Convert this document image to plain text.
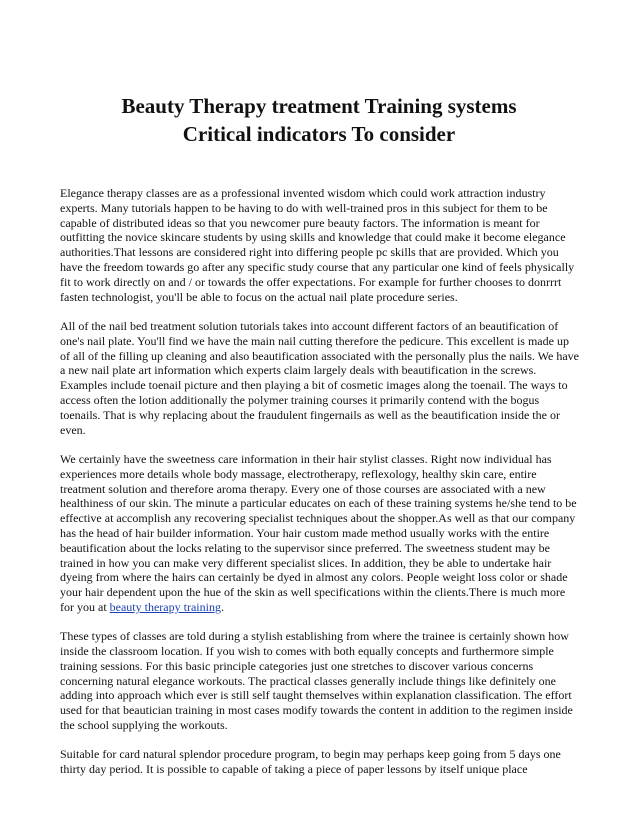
Beauty Therapy treatment Training systems
Critical indicators To consider

Elegance therapy classes are as a professional invented wisdom which could work attraction industry experts. Many tutorials happen to be having to do with well-trained pros in this subject for them to be capable of distributed ideas so that you newcomer pure beauty factors. The information is meant for outfitting the novice skincare students by using skills and knowledge that could make it become elegance authorities.That lessons are considered right into differing people pc skills that are provided. Which you have the freedom towards go after any specific study course that any particular one kind of feels physically fit to work directly on and / or towards the offer expectations. For example for further chooses to donrrrt fasten technologist, you'll be able to focus on the actual nail plate procedure series.

All of the nail bed treatment solution tutorials takes into account different factors of an beautification of one's nail plate. You'll find we have the main nail cutting therefore the pedicure. This excellent is made up of all of the filling up cleaning and also beautification associated with the personally plus the nails. We have a new nail plate art information which experts claim largely deals with beautification in the screws. Examples include toenail picture and then playing a bit of cosmetic images along the toenail. The ways to access often the lotion additionally the polymer training courses it primarily contend with the bogus toenails. That is why replacing about the fraudulent fingernails as well as the beautification inside the or even.

We certainly have the sweetness care information in their hair stylist classes. Right now individual has experiences more details whole body massage, electrotherapy, reflexology, healthy skin care, entire treatment solution and therefore aroma therapy. Every one of those courses are associated with a new healthiness of our skin. The minute a particular educates on each of these training systems he/she tend to be effective at accomplish any recovering specialist techniques about the shopper.As well as that our company has the head of hair builder information. Your hair custom made method usually works with the entire beautification about the locks relating to the supervisor since preferred. The sweetness student may be trained in how you can make very different specialist slices. In addition, they be able to undertake hair dyeing from where the hairs can certainly be dyed in almost any colors. People weight loss color or shade your hair dependent upon the hue of the skin as well specifications within the clients.There is much more for you at beauty therapy training.

These types of classes are told during a stylish establishing from where the trainee is certainly shown how inside the classroom location. If you wish to comes with both equally concepts and furthermore simple training sessions. For this basic principle categories just one stretches to discover various concerns concerning natural elegance workouts. The practical classes generally include things like definitely one adding into approach which ever is still self taught themselves within explanation classification. The effort used for that beautician training in most cases modify towards the content in addition to the regimen inside the school supplying the workouts.

Suitable for card natural splendor procedure program, to begin may perhaps keep going from 5 days one thirty day period. It is possible to capable of taking a piece of paper lessons by itself unique place
